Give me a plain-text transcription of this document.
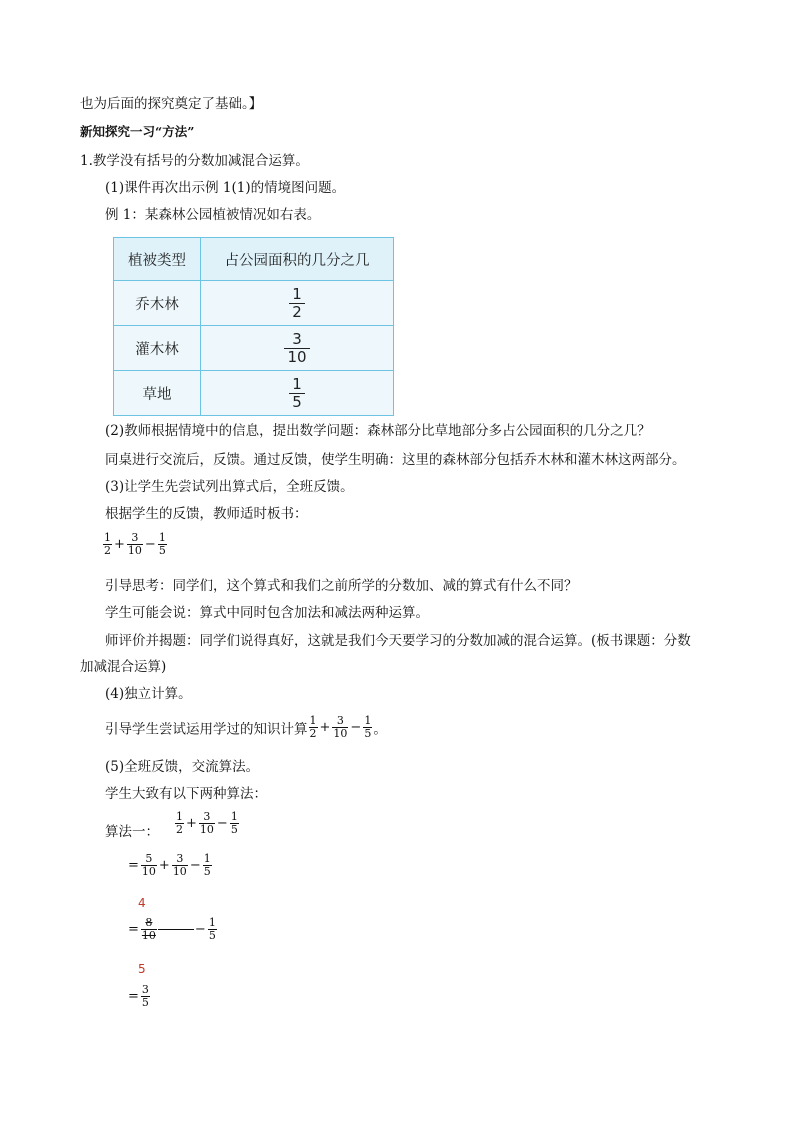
也为后面的探究奠定了基础。】
新知探究一习“方法”
1.教学没有括号的分数加减混合运算。
(1)课件再次出示例 1(1)的情境图问题。
例 1：某森林公园植被情况如右表。
植被类型	占公园面积的几分之几
乔木林	$\frac{1}{2}$

灌木林	$\frac{3}{10}$

草地	$\frac{1}{5}$
(2)教师根据情境中的信息，提出数学问题：森林部分比草地部分多占公园面积的几分之几？
同桌进行交流后，反馈。通过反馈，使学生明确：这里的森林部分包括乔木林和灌木林这两部分。
(3)让学生先尝试列出算式后，全班反馈。
根据学生的反馈，教师适时板书：
$\frac{1}{2} + \frac{3}{10} - \frac{1}{5}$
引导思考：同学们，这个算式和我们之前所学的分数加、减的算式有什么不同？
学生可能会说：算式中同时包含加法和减法两种运算。
师评价并揭题：同学们说得真好，这就是我们今天要学习的分数加减的混合运算。(板书课题：分数
加减混合运算)
(4)独立计算。
引导学生尝试运用学过的知识计算 $\frac{1}{2} + \frac{3}{10} - \frac{1}{5}$ 。
(5)全班反馈，交流算法。
学生大致有以下两种算法：
算法一： $\frac{1}{2} + \frac{3}{10} - \frac{1}{5}$
= $\frac{5}{10} + \frac{3}{10} - \frac{1}{5}$
4
= $\frac{8}{10}$	− $\frac{1}{5}$
5
= $\frac{3}{5}$
